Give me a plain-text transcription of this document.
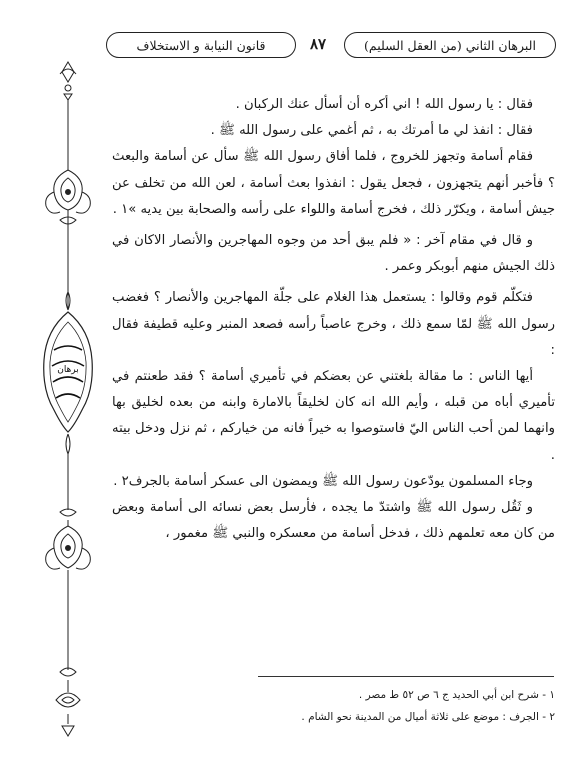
البرهان الثاني (من العقل السليم)
٨٧
قانون النيابة و الاستخلاف
برهان

فقال : يا رسول الله ! اني أكره أن أسأل عنك الركبان .

فقال : انفذ لي ما أمرتك به ، ثم أغمي على رسول الله ﷺ .

فقام أسامة وتجهز للخروج ، فلما أفاق رسول الله ﷺ سأل عن أسامة والبعث ؟ فأخبر أنهم يتجهزون ، فجعل يقول : انفذوا بعث أسامة ، لعن الله من تخلف عن جيش أسامة ، ويكرّر ذلك ، فخرج أسامة واللواء على رأسه والصحابة بين يديه »١ .

و قال في مقام آخر : « فلم يبق أحد من وجوه المهاجرين والأنصار الاكان في ذلك الجيش منهم أبوبكر وعمر .

فتكلّم قوم وقالوا : يستعمل هذا الغلام على جلّة المهاجرين والأنصار ؟ فغضب رسول الله ﷺ لمّا سمع ذلك ، وخرج عاصباً رأسه فصعد المنبر وعليه قطيفة فقال :

أيها الناس : ما مقالة بلغتني عن بعضكم في تأميري أسامة ؟ فقد طعنتم في تأميري أباه من قبله ، وأيم الله انه كان لخليقاً بالامارة وابنه من بعده لخليق بها وانهما لمن أحب الناس اليّ فاستوصوا به خيراً فانه من خياركم ، ثم نزل ودخل بيته .

وجاء المسلمون يودّعون رسول الله ﷺ ويمضون الى عسكر أسامة بالجرف٢ .

و ثَقُل رسول الله ﷺ واشتدّ ما يجده ، فأرسل بعض نسائه الى أسامة وبعض من كان معه تعلمهم ذلك ، فدخل أسامة من معسكره والنبي ﷺ مغمور ،

١ - شرح ابن أبي الحديد ج ٦ ص ٥٢ ط مصر .

٢ - الجرف : موضع على ثلاثة أميال من المدينة نحو الشام .
